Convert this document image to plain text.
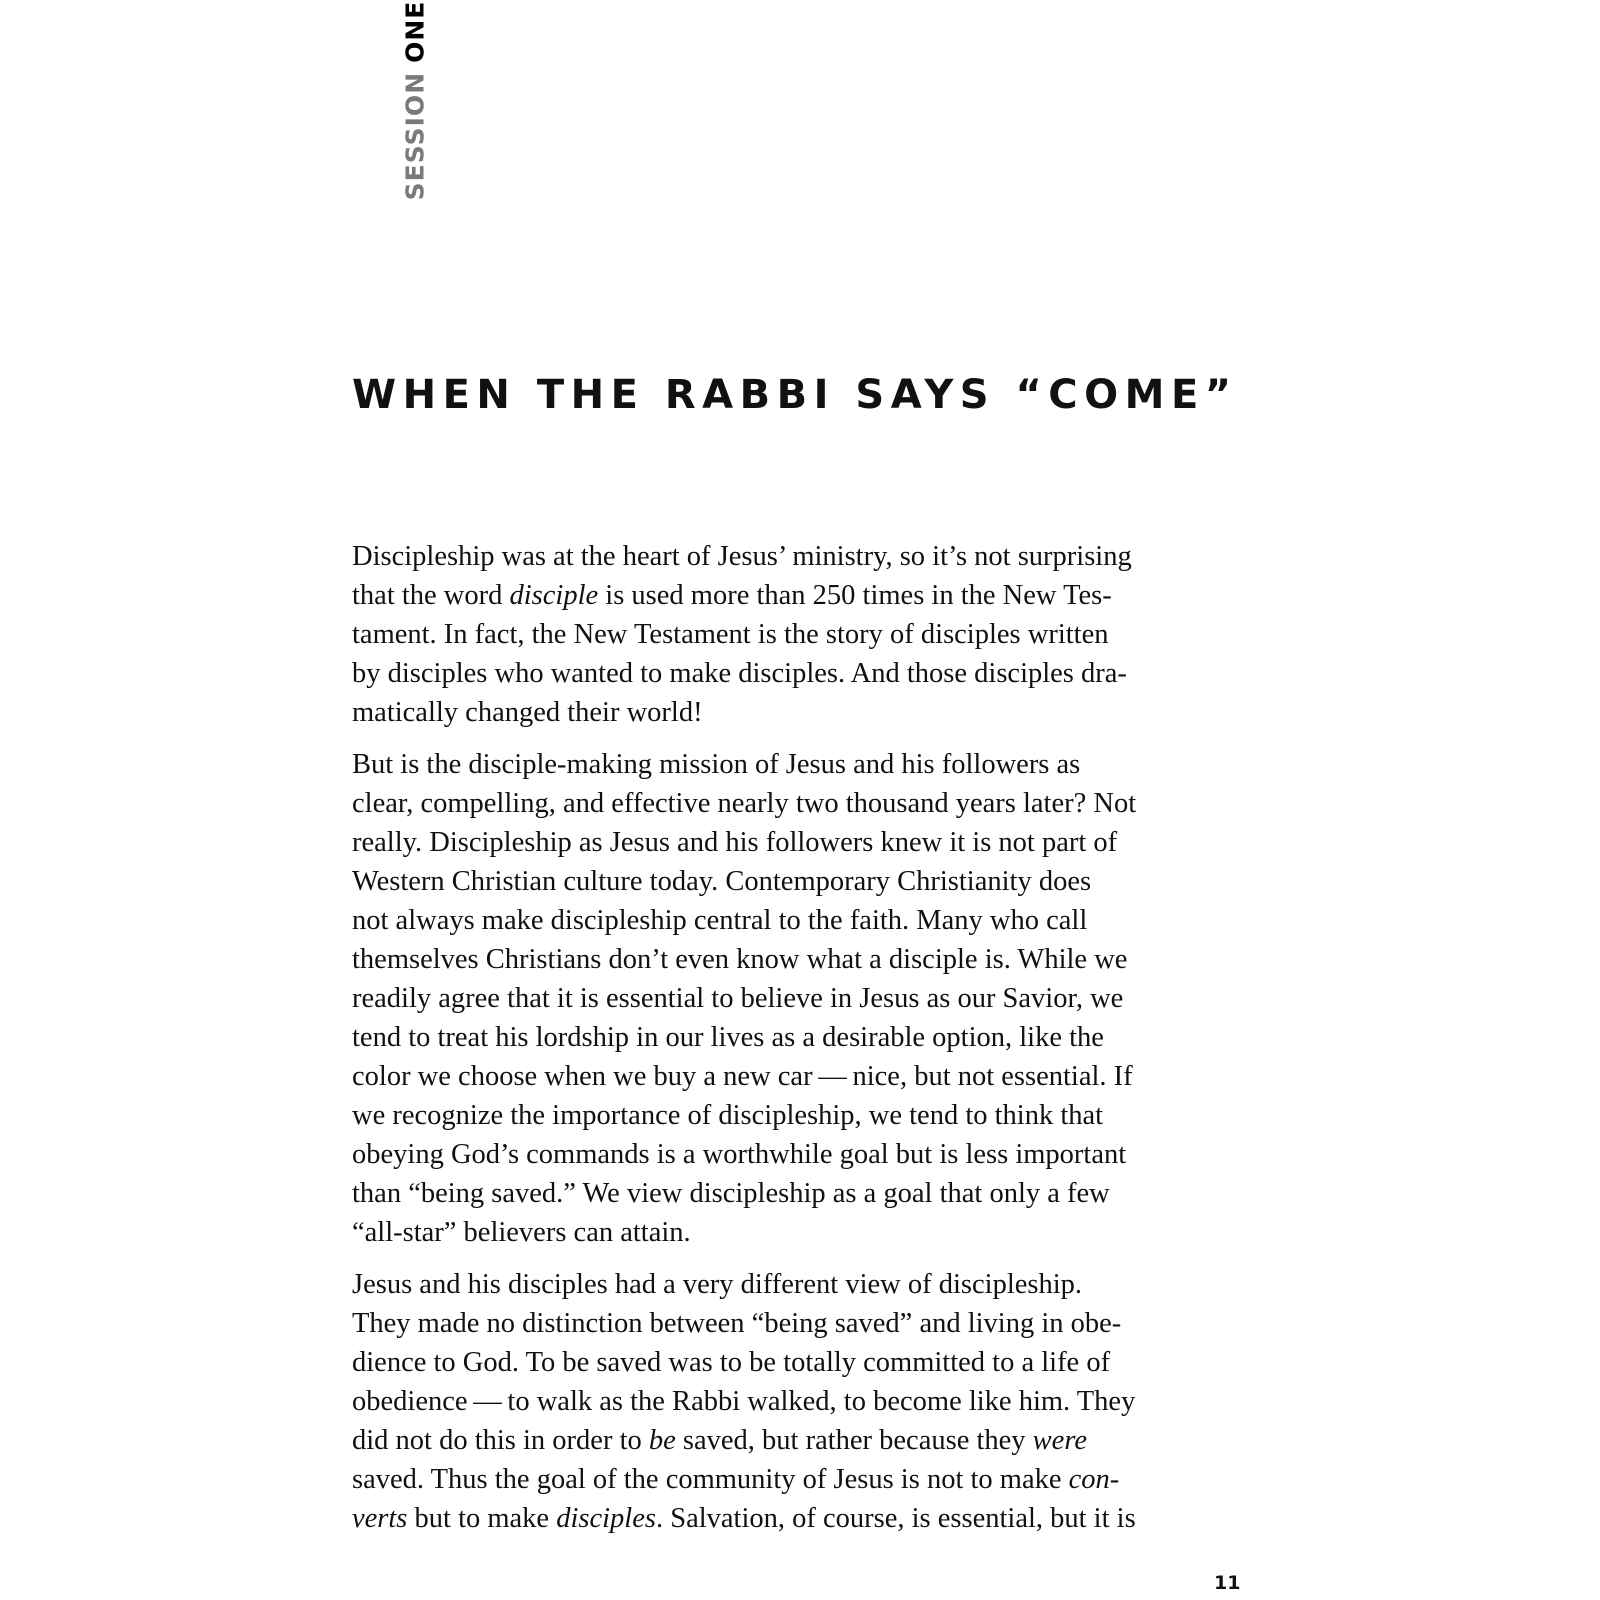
SESSION ONE
WHEN THE RABBI SAYS “COME”

Discipleship was at the heart of Jesus’ ministry, so it’s not surprising
that the word disciple is used more than 250 times in the New Tes-
tament. In fact, the New Testament is the story of disciples written
by disciples who wanted to make disciples. And those disciples dra-
matically changed their world!

But is the disciple-making mission of Jesus and his followers as
clear, compelling, and effective nearly two thousand years later? Not
really. Discipleship as Jesus and his followers knew it is not part of
Western Christian culture today. Contemporary Christianity does
not always make discipleship central to the faith. Many who call
themselves Christians don’t even know what a disciple is. While we
readily agree that it is essential to believe in Jesus as our Savior, we
tend to treat his lordship in our lives as a desirable option, like the
color we choose when we buy a new car — nice, but not essential. If
we recognize the importance of discipleship, we tend to think that
obeying God’s commands is a worthwhile goal but is less important
than “being saved.” We view discipleship as a goal that only a few
“all-star” believers can attain.

Jesus and his disciples had a very different view of discipleship.
They made no distinction between “being saved” and living in obe-
dience to God. To be saved was to be totally committed to a life of
obedience — to walk as the Rabbi walked, to become like him. They
did not do this in order to be saved, but rather because they were
saved. Thus the goal of the community of Jesus is not to make con-
verts but to make disciples. Salvation, of course, is essential, but it is

11
